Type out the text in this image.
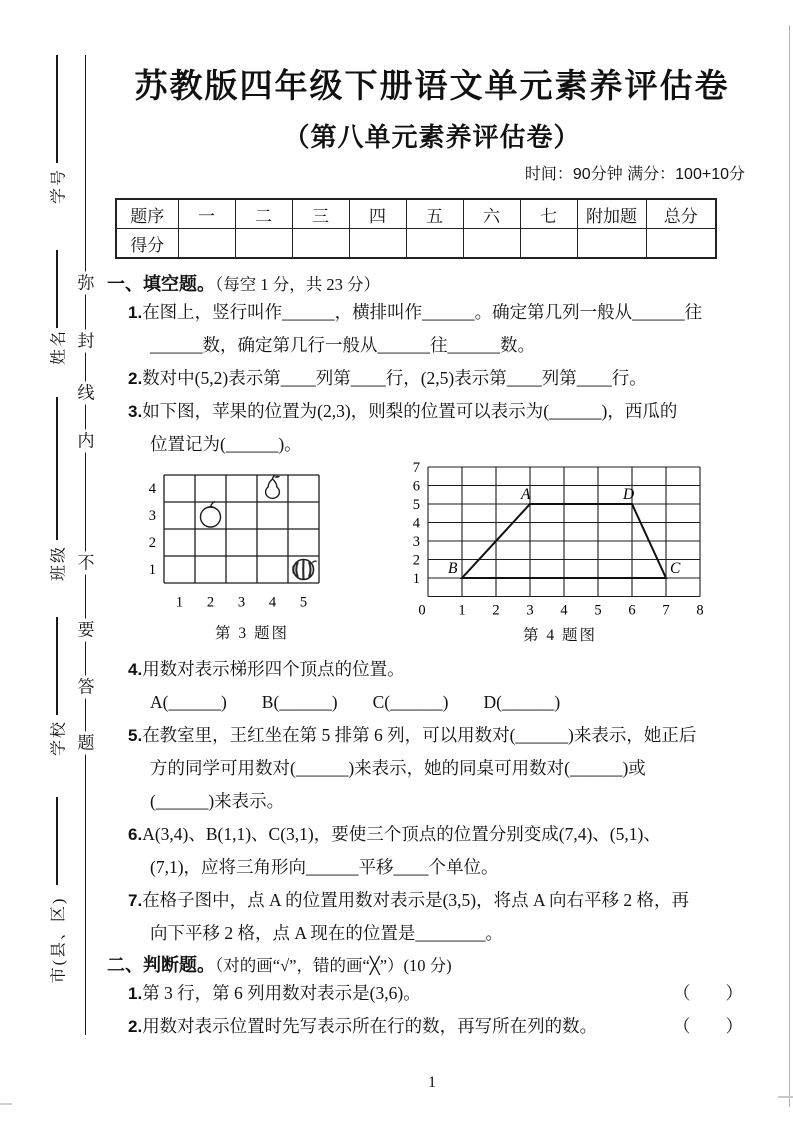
学号
姓名
班级
学校
市(县、区)
弥
封
线
内
不
要
答
题
苏教版四年级下册语文单元素养评估卷
（第八单元素养评估卷）
时间：90分钟 满分：100+10分
题序	一	二	三	四	五	六	七	附加题	总分
得分									
一、填空题。（每空 1 分，共 23 分）
1.在图上，竖行叫作______，横排叫作______。确定第几列一般从______往
______数，确定第几行一般从______往______数。
2.数对中(5,2)表示第____列第____行，(2,5)表示第____列第____行。
3.如下图，苹果的位置为(2,3)，则梨的位置可以表示为(______)，西瓜的
位置记为(______)。
4
3
2
1
1 2 3 4 5
第 3 题图
7
6
5
4
3
2
1
0 1 2 3 4 5 6 7 8
A
B	C
D
第 4 题图
4.用数对表示梯形四个顶点的位置。
A(______)　　B(______)　　C(______)　　D(______)
5.在教室里，王红坐在第 5 排第 6 列，可以用数对(______)来表示，她正后
方的同学可用数对(______)来表示，她的同桌可用数对(______)或
(______)来表示。
6.A(3,4)、B(1,1)、C(3,1)，要使三个顶点的位置分别变成(7,4)、(5,1)、
(7,1)，应将三角形向______平移____个单位。
7.在格子图中，点 A 的位置用数对表示是(3,5)，将点 A 向右平移 2 格，再
向下平移 2 格，点 A 现在的位置是________。
二、判断题。（对的画“√”，错的画“╳”）(10 分)
1.第 3 行，第 6 列用数对表示是(3,6)。	（　　）
2.用数对表示位置时先写表示所在行的数，再写所在列的数。	（　　）
1
